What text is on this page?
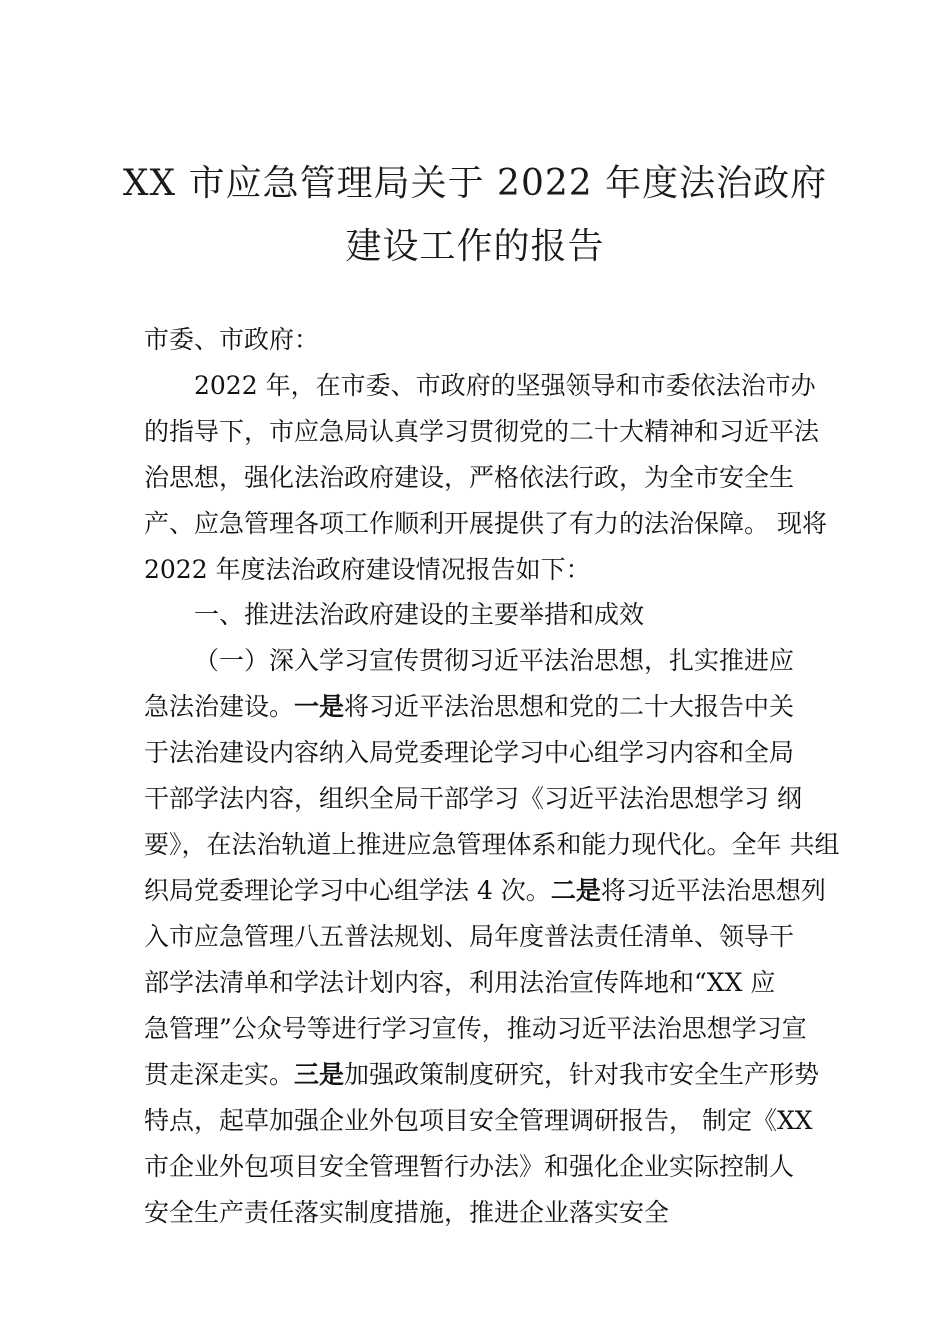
XX 市应急管理局关于 2022 年度法治政府
建设工作的报告
市委、市政府：
2022 年，在市委、市政府的坚强领导和市委依法治市办
的指导下，市应急局认真学习贯彻党的二十大精神和习近平法
治思想，强化法治政府建设，严格依法行政，为全市安全生
产、应急管理各项工作顺利开展提供了有力的法治保障。 现将
2022 年度法治政府建设情况报告如下：
一、推进法治政府建设的主要举措和成效
（一）深入学习宣传贯彻习近平法治思想，扎实推进应
急法治建设。一是将习近平法治思想和党的二十大报告中关
于法治建设内容纳入局党委理论学习中心组学习内容和全局
干部学法内容，组织全局干部学习《习近平法治思想学习 纲
要》，在法治轨道上推进应急管理体系和能力现代化。全年 共组
织局党委理论学习中心组学法 4 次。二是将习近平法治思想列
入市应急管理八五普法规划、局年度普法责任清单、领导干
部学法清单和学法计划内容，利用法治宣传阵地和“XX 应
急管理”公众号等进行学习宣传，推动习近平法治思想学习宣
贯走深走实。三是加强政策制度研究，针对我市安全生产形势
特点，起草加强企业外包项目安全管理调研报告， 制定《XX
市企业外包项目安全管理暂行办法》和强化企业实际控制人
安全生产责任落实制度措施，推进企业落实安全
